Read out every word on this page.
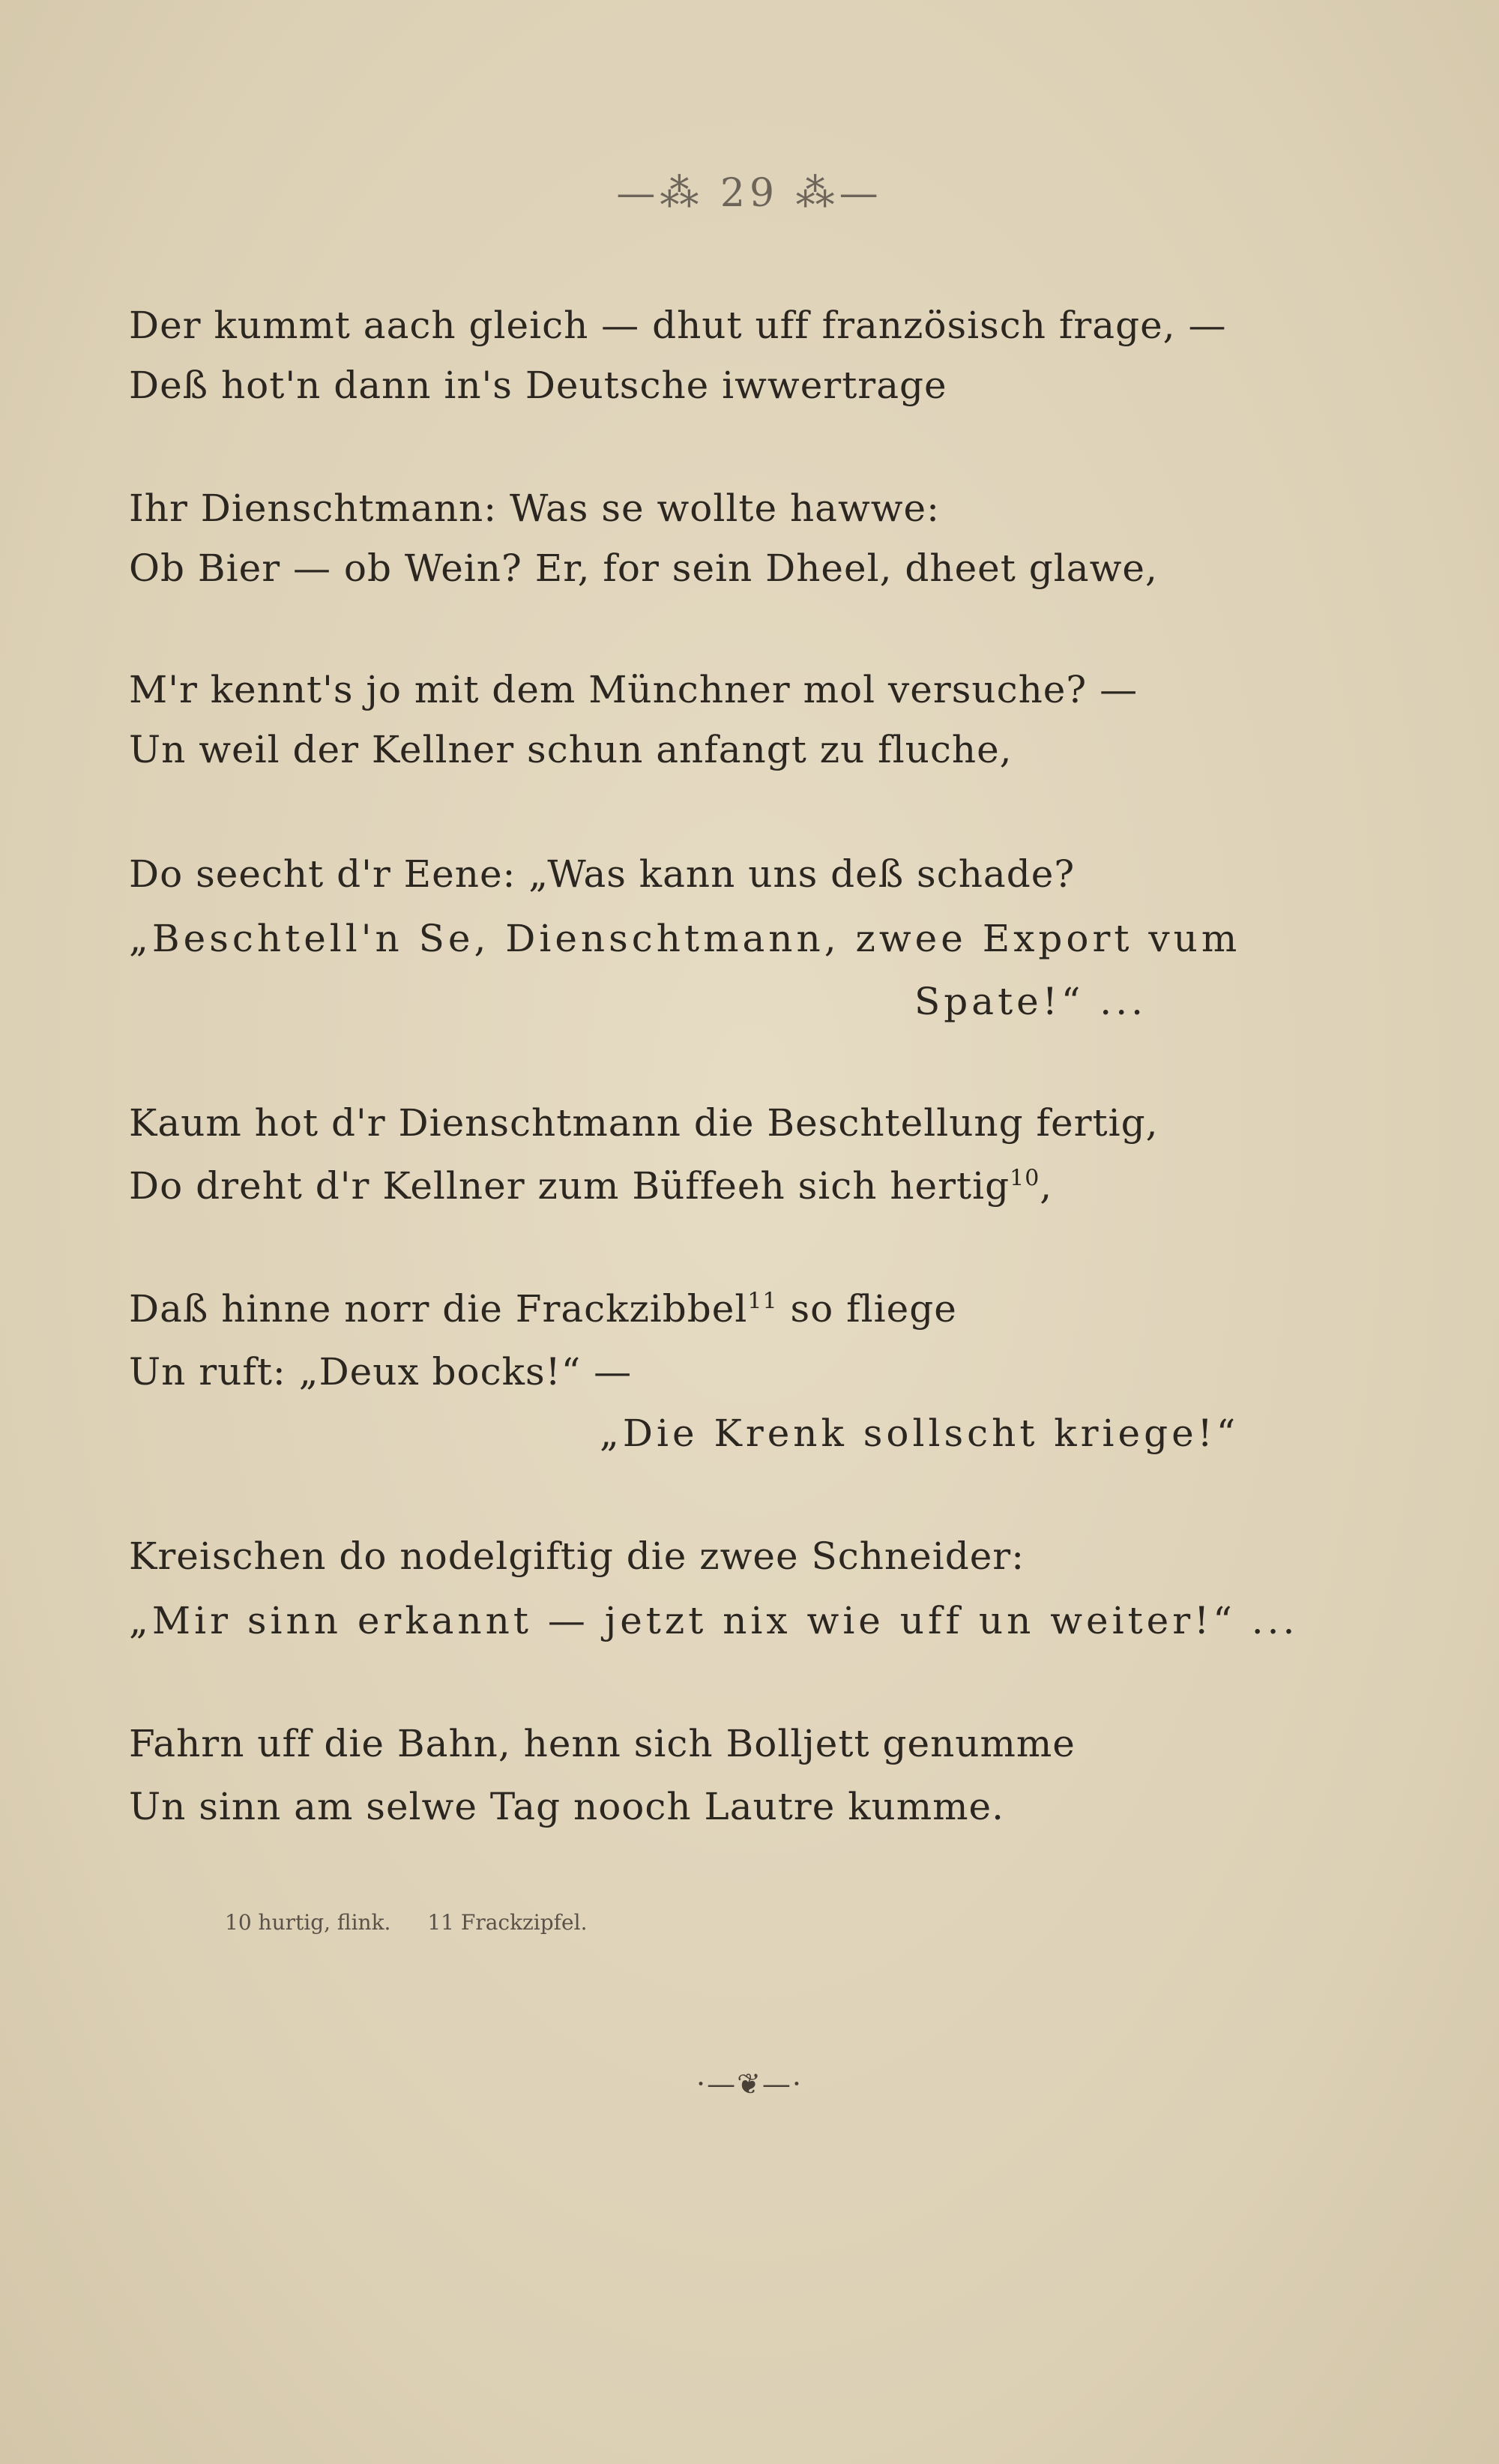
—⁂ 29 ⁂—
Der kummt aach gleich — dhut uff französisch frage, —
Deß hot'n dann in's Deutsche iwwertrage
Ihr Dienschtmann: Was se wollte hawwe:
Ob Bier — ob Wein? Er, for sein Dheel, dheet glawe,
M'r kennt's jo mit dem Münchner mol versuche? —
Un weil der Kellner schun anfangt zu fluche,
Do seecht d'r Eene: „Was kann uns deß schade?
„Beschtell'n Se, Dienschtmann, zwee Export vum
Spate!“ ...
Kaum hot d'r Dienschtmann die Beschtellung fertig,
Do dreht d'r Kellner zum Büffeeh sich hertig$^{10}$,
Daß hinne norr die Frackzibbel$^{11}$ so fliege
Un ruft: „Deux bocks!“ —
„Die Krenk sollscht kriege!“
Kreischen do nodelgiftig die zwee Schneider:
„Mir sinn erkannt — jetzt nix wie uff un weiter!“ ...
Fahrn uff die Bahn, henn sich Bolljett genumme
Un sinn am selwe Tag nooch Lautre kumme.
10 hurtig, flink. 11 Frackzipfel.
·—❦—·
